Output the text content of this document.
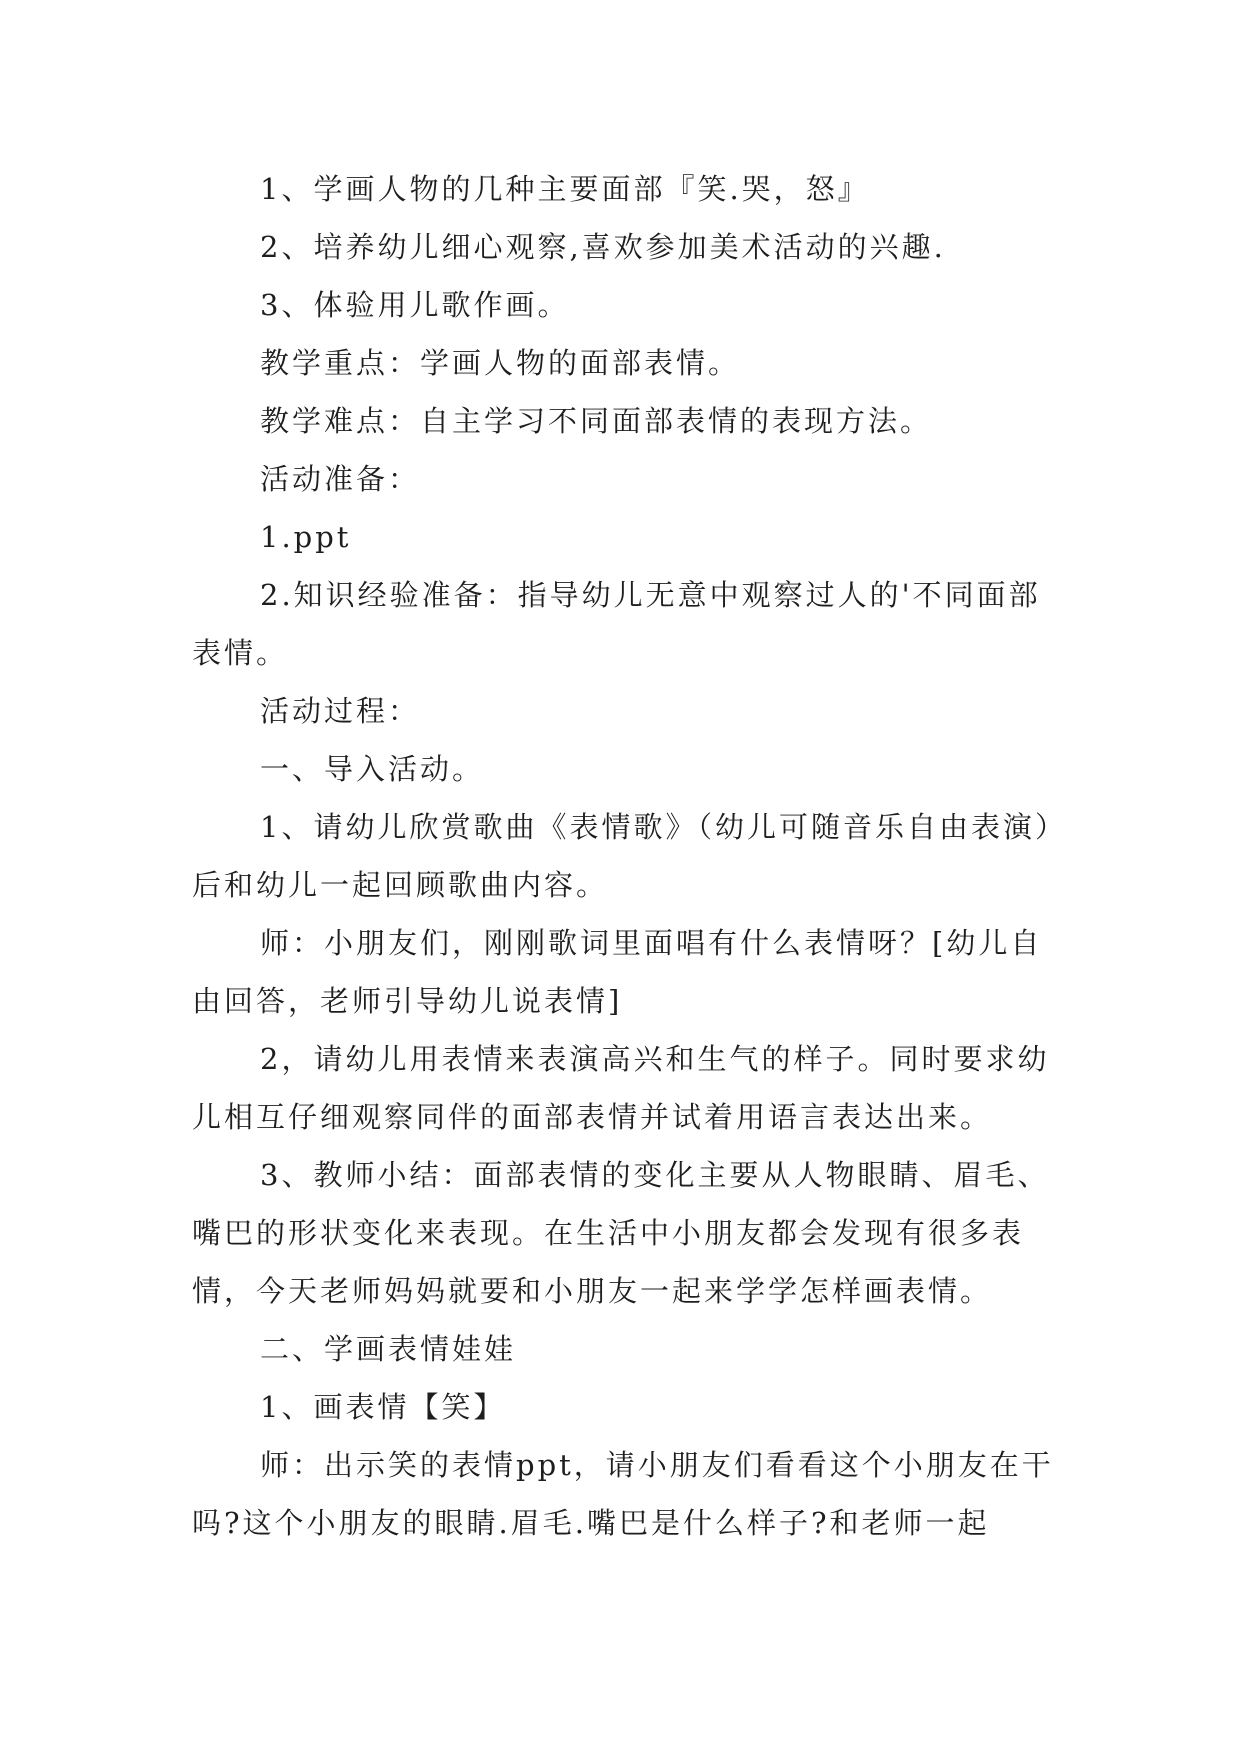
1、学画人物的几种主要面部『笑.哭，怒』

2、培养幼儿细心观察,喜欢参加美术活动的兴趣.

3、体验用儿歌作画。

教学重点：学画人物的面部表情。

教学难点：自主学习不同面部表情的表现方法。

活动准备：

1.ppt

2.知识经验准备：指导幼儿无意中观察过人的'不同面部表情。

活动过程：

一、导入活动。

1、请幼儿欣赏歌曲《表情歌》（幼儿可随音乐自由表演）后和幼儿一起回顾歌曲内容。

师：小朋友们，刚刚歌词里面唱有什么表情呀？[幼儿自由回答，老师引导幼儿说表情]

2，请幼儿用表情来表演高兴和生气的样子。同时要求幼儿相互仔细观察同伴的面部表情并试着用语言表达出来。

3、教师小结：面部表情的变化主要从人物眼睛、眉毛、嘴巴的形状变化来表现。在生活中小朋友都会发现有很多表情，今天老师妈妈就要和小朋友一起来学学怎样画表情。

二、学画表情娃娃

1、画表情【笑】

师：出示笑的表情ppt，请小朋友们看看这个小朋友在干吗?这个小朋友的眼睛.眉毛.嘴巴是什么样子?和老师一起
